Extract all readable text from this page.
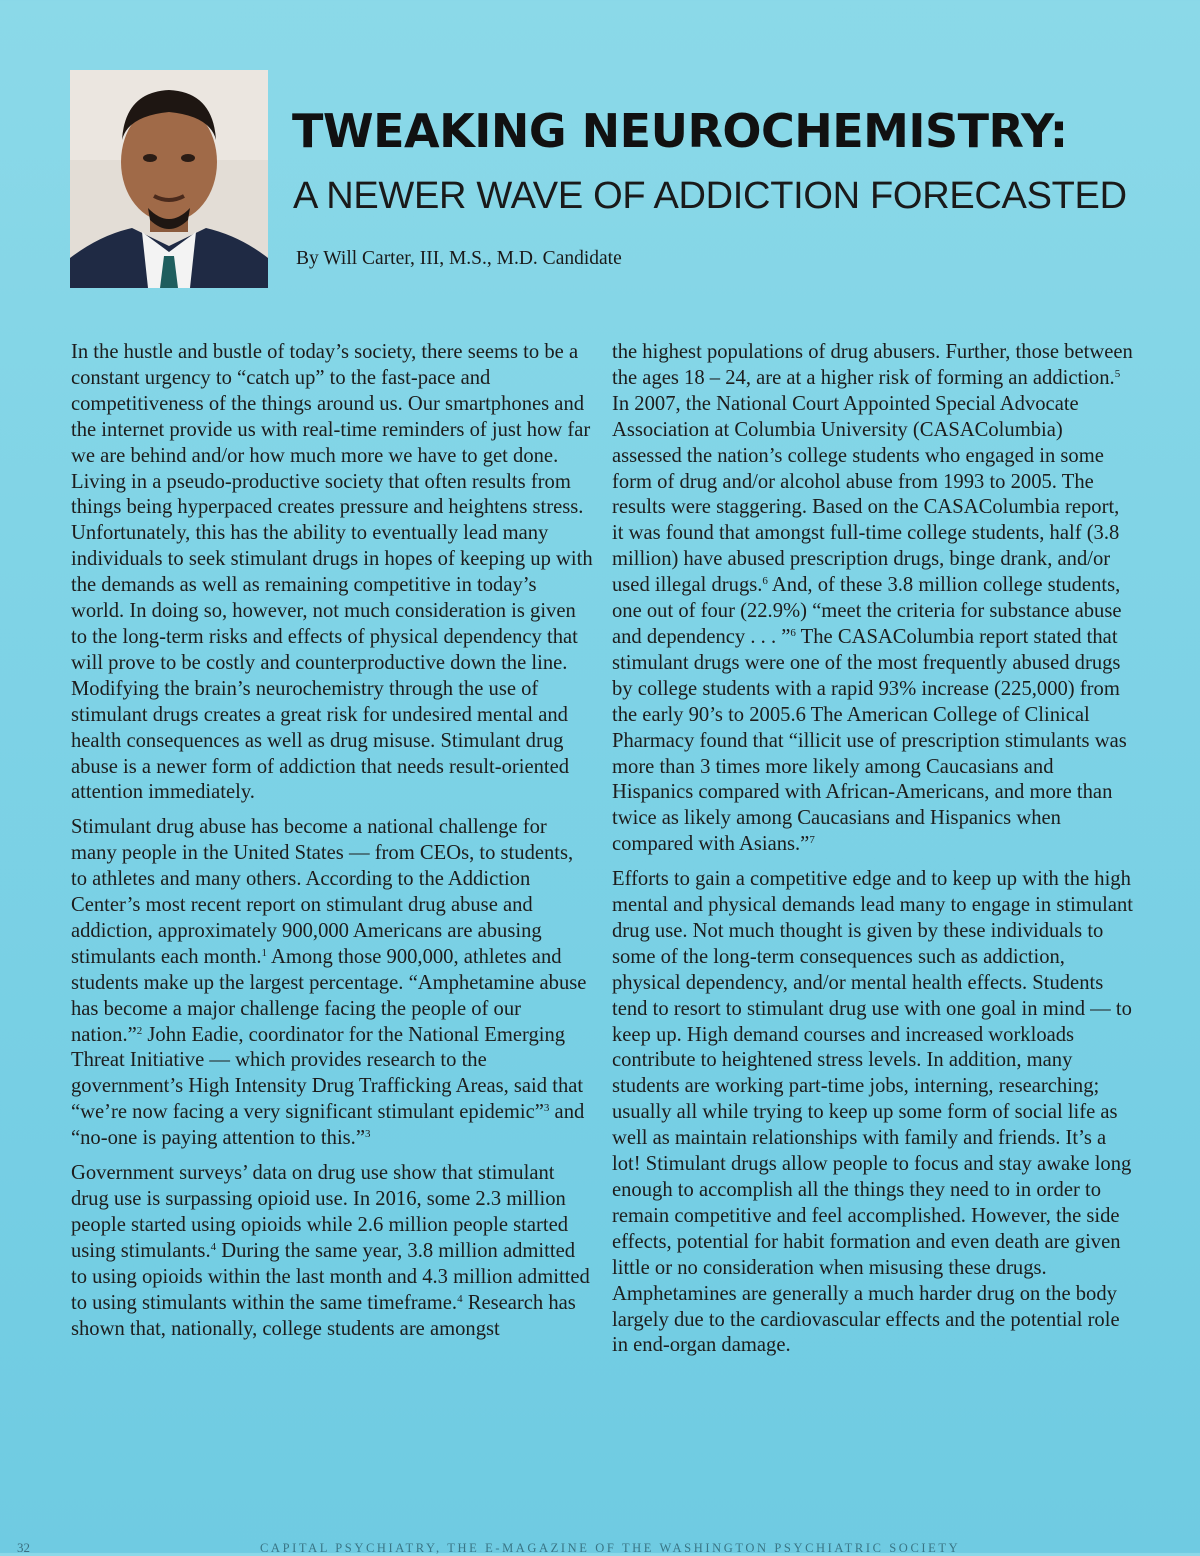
TWEAKING NEUROCHEMISTRY:
A NEWER WAVE OF ADDICTION FORECASTED
By Will Carter, III, M.S., M.D. Candidate

In the hustle and bustle of today’s society, there seems to be a constant urgency to “catch up” to the fast-pace and competitiveness of the things around us. Our smartphones and the internet provide us with real-time reminders of just how far we are behind and/or how much more we have to get done. Living in a pseudo-productive society that often results from things being hyperpaced creates pressure and heightens stress. Unfortunately, this has the ability to eventually lead many individuals to seek stimulant drugs in hopes of keeping up with the demands as well as remaining competitive in today’s world. In doing so, however, not much consideration is given to the long-term risks and effects of physical dependency that will prove to be costly and counterproductive down the line. Modifying the brain’s neurochemistry through the use of stimulant drugs creates a great risk for undesired mental and health consequences as well as drug misuse. Stimulant drug abuse is a newer form of addiction that needs result-oriented attention immediately.

Stimulant drug abuse has become a national challenge for many people in the United States — from CEOs, to students, to athletes and many others. According to the Addiction Center’s most recent report on stimulant drug abuse and addiction, approximately 900,000 Americans are abusing stimulants each month.$^1$ Among those 900,000, athletes and students make up the largest percentage. “Amphetamine abuse has become a major challenge facing the people of our nation.”$^2$ John Eadie, coordinator for the National Emerging Threat Initiative — which provides research to the government’s High Intensity Drug Trafficking Areas, said that “we’re now facing a very significant stimulant epidemic”$^3$ and “no-one is paying attention to this.”$^3$

Government surveys’ data on drug use show that stimulant drug use is surpassing opioid use. In 2016, some 2.3 million people started using opioids while 2.6 million people started using stimulants.$^4$ During the same year, 3.8 million admitted to using opioids within the last month and 4.3 million admitted to using stimulants within the same timeframe.$^4$ Research has shown that, nationally, college students are amongst

the highest populations of drug abusers. Further, those between the ages 18 – 24, are at a higher risk of forming an addiction.$^5$ In 2007, the National Court Appointed Special Advocate Association at Columbia University (CASAColumbia) assessed the nation’s college students who engaged in some form of drug and/or alcohol abuse from 1993 to 2005. The results were staggering. Based on the CASAColumbia report, it was found that amongst full-time college students, half (3.8 million) have abused prescription drugs, binge drank, and/or used illegal drugs.$^6$ And, of these 3.8 million college students, one out of four (22.9%) “meet the criteria for substance abuse and dependency . . . ”$^6$ The CASAColumbia report stated that stimulant drugs were one of the most frequently abused drugs by college students with a rapid 93% increase (225,000) from the early 90’s to 2005.6 The American College of Clinical Pharmacy found that “illicit use of prescription stimulants was more than 3 times more likely among Caucasians and Hispanics compared with African-Americans, and more than twice as likely among Caucasians and Hispanics when compared with Asians.”$^7$

Efforts to gain a competitive edge and to keep up with the high mental and physical demands lead many to engage in stimulant drug use. Not much thought is given by these individuals to some of the long-term consequences such as addiction, physical dependency, and/or mental health effects. Students tend to resort to stimulant drug use with one goal in mind — to keep up. High demand courses and increased workloads contribute to heightened stress levels. In addition, many students are working part-time jobs, interning, researching; usually all while trying to keep up some form of social life as well as maintain relationships with family and friends. It’s a lot! Stimulant drugs allow people to focus and stay awake long enough to accomplish all the things they need to in order to remain competitive and feel accomplished. However, the side effects, potential for habit formation and even death are given little or no consideration when misusing these drugs. Amphetamines are generally a much harder drug on the body largely due to the cardiovascular effects and the potential role in end-organ damage.

32	CAPITAL PSYCHIATRY, THE E-MAGAZINE OF THE WASHINGTON PSYCHIATRIC SOCIETY
